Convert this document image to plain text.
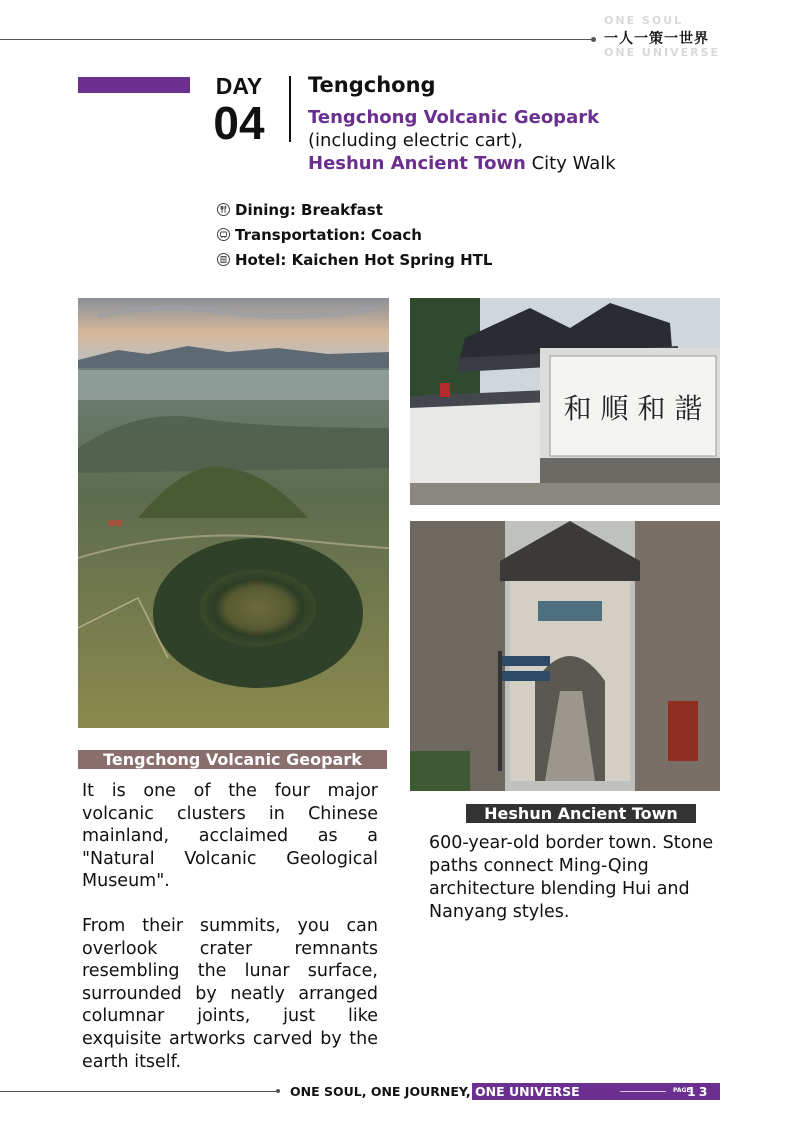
ONE SOUL
一人一策一世界
ONE UNIVERSE
DAY
04
Tengchong
Tengchong Volcanic Geopark
(including electric cart),
Heshun Ancient Town City Walk
Dining: Breakfast
Transportation: Coach
Hotel: Kaichen Hot Spring HTL
和 順 和 諧
Tengchong Volcanic Geopark

It is one of the four major volcanic clusters in Chinese mainland, acclaimed as a "Natural Volcanic Geological Museum".

From their summits, you can overlook crater remnants resembling the lunar surface, surrounded by neatly arranged columnar joints, just like exquisite artworks carved by the earth itself.

Heshun Ancient Town
600-year-old border town. Stone paths connect Ming-Qing architecture blending Hui and Nanyang styles.
ONE SOUL, ONE JOURNEY, ONE UNIVERSE	PAGE
13
